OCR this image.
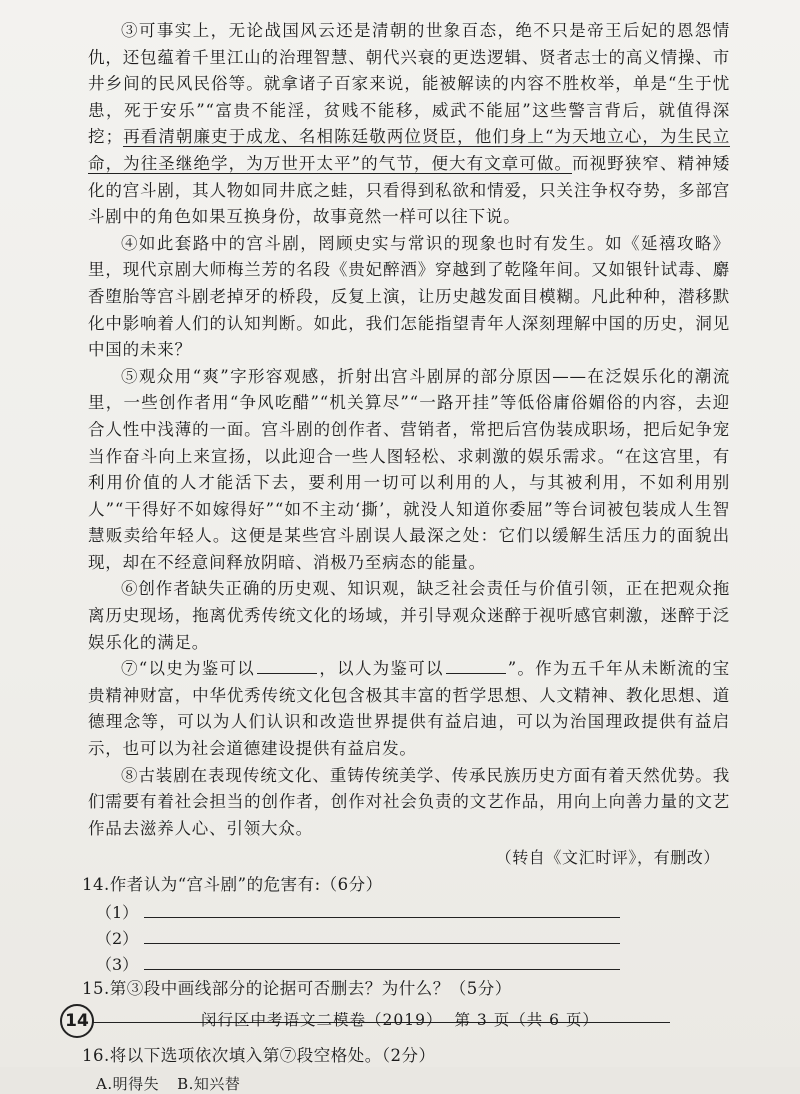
③可事实上，无论战国风云还是清朝的世象百态，绝不只是帝王后妃的恩怨情仇，还包蕴着千里江山的治理智慧、朝代兴衰的更迭逻辑、贤者志士的高义情操、市井乡间的民风民俗等。就拿诸子百家来说，能被解读的内容不胜枚举，单是“生于忧患，死于安乐”“富贵不能淫，贫贱不能移，威武不能屈”这些警言背后，就值得深挖；再看清朝廉吏于成龙、名相陈廷敬两位贤臣，他们身上“为天地立心，为生民立命，为往圣继绝学，为万世开太平”的气节，便大有文章可做。而视野狭窄、精神矮化的宫斗剧，其人物如同井底之蛙，只看得到私欲和情爱，只关注争权夺势，多部宫斗剧中的角色如果互换身份，故事竟然一样可以往下说。

④如此套路中的宫斗剧，罔顾史实与常识的现象也时有发生。如《延禧攻略》里，现代京剧大师梅兰芳的名段《贵妃醉酒》穿越到了乾隆年间。又如银针试毒、麝香堕胎等宫斗剧老掉牙的桥段，反复上演，让历史越发面目模糊。凡此种种，潜移默化中影响着人们的认知判断。如此，我们怎能指望青年人深刻理解中国的历史，洞见中国的未来？

⑤观众用“爽”字形容观感，折射出宫斗剧屏的部分原因——在泛娱乐化的潮流里，一些创作者用“争风吃醋”“机关算尽”“一路开挂”等低俗庸俗媚俗的内容，去迎合人性中浅薄的一面。宫斗剧的创作者、营销者，常把后宫伪装成职场，把后妃争宠当作奋斗向上来宣扬，以此迎合一些人图轻松、求刺激的娱乐需求。“在这宫里，有利用价值的人才能活下去，要利用一切可以利用的人，与其被利用，不如利用别人”“干得好不如嫁得好”“如不主动‘撕’，就没人知道你委屈”等台词被包装成人生智慧贩卖给年轻人。这便是某些宫斗剧误人最深之处：它们以缓解生活压力的面貌出现，却在不经意间释放阴暗、消极乃至病态的能量。

⑥创作者缺失正确的历史观、知识观，缺乏社会责任与价值引领，正在把观众拖离历史现场，拖离优秀传统文化的场域，并引导观众迷醉于视听感官刺激，迷醉于泛娱乐化的满足。

⑦“以史为鉴可以	，以人为鉴可以	”。作为五千年从未断流的宝贵精神财富，中华优秀传统文化包含极其丰富的哲学思想、人文精神、教化思想、道德理念等，可以为人们认识和改造世界提供有益启迪，可以为治国理政提供有益启示，也可以为社会道德建设提供有益启发。

⑧古装剧在表现传统文化、重铸传统美学、传承民族历史方面有着天然优势。我们需要有着社会担当的创作者，创作对社会负责的文艺作品，用向上向善力量的文艺作品去滋养人心、引领大众。

（转自《文汇时评》，有删改）

14.作者认为“宫斗剧”的危害有:（6分）

（1）
（2）
（3）

15.第③段中画线部分的论据可否删去？为什么？（5分）

16.将以下选项依次填入第⑦段空格处。（2分）

A.明得失 B.知兴替
14	闵行区中考语文二模卷（2019） 第 3 页（共 6 页）
